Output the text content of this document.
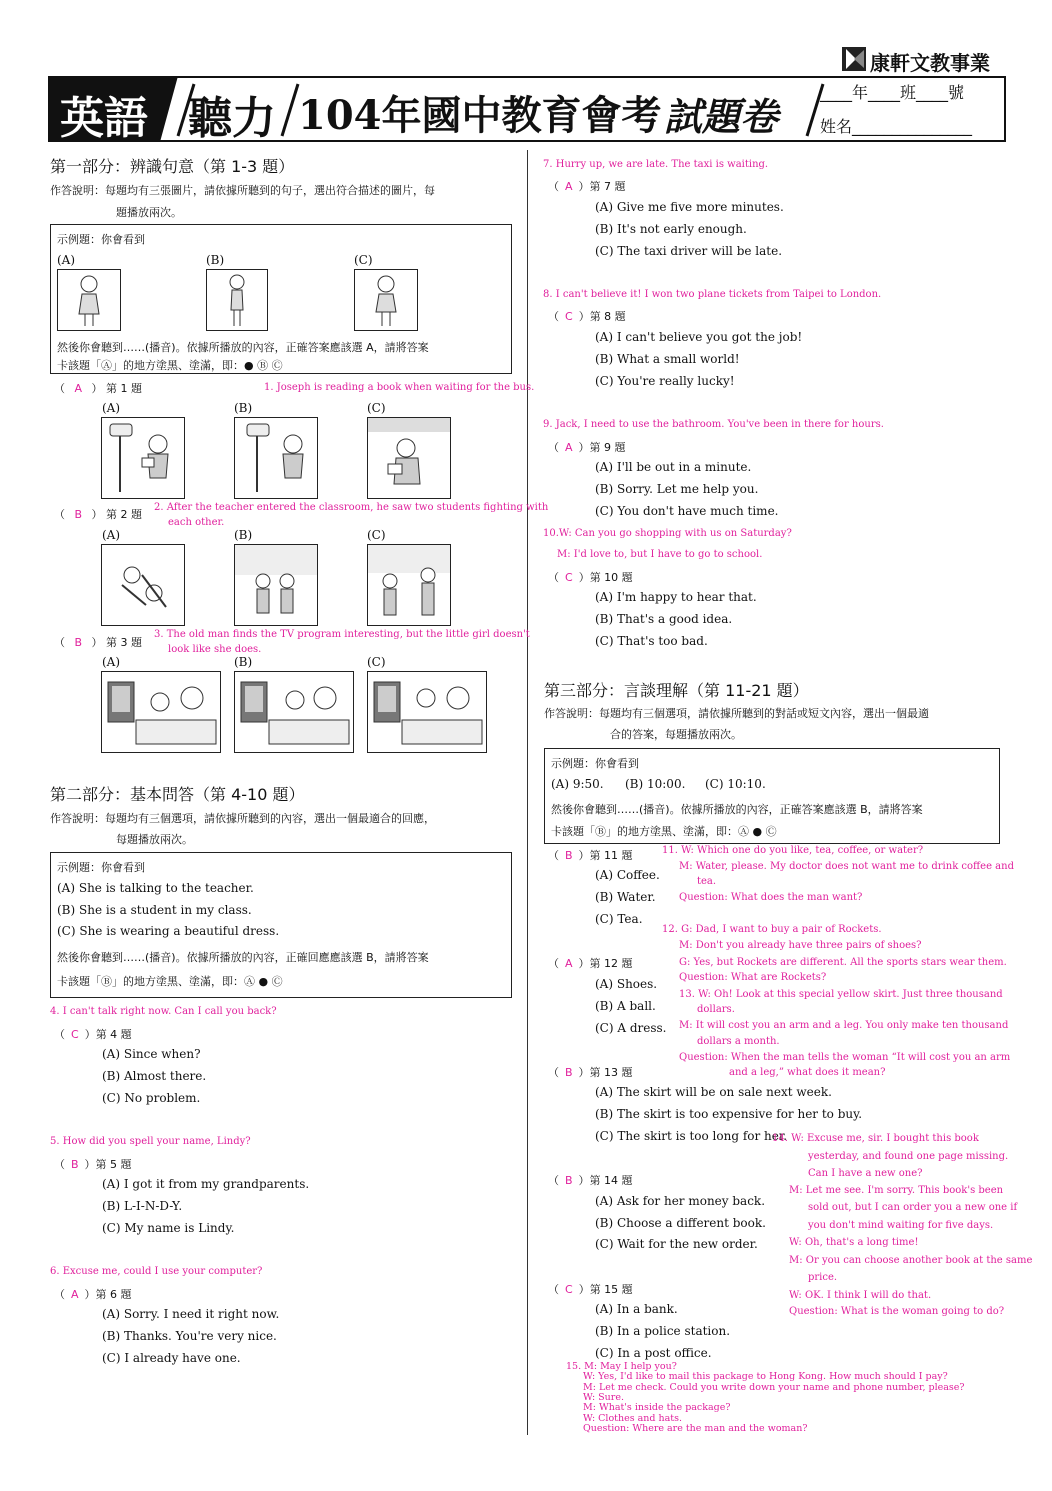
康軒文教事業
英語 聽力 104年國中教育會考 試題卷
____年____班____號
姓名_______________
第一部分：辨識句意（第 1-3 題）
作答說明：每題均有三張圖片，請依據所聽到的句子，選出符合描述的圖片，每
題播放兩次。
示例題：你會看到
(A)	(B)	(C)
然後你會聽到……(播音)。依據所播放的內容，正確答案應該選 A，請將答案
卡該題「Ⓐ」的地方塗黑、塗滿，即：● Ⓑ Ⓒ
（ A ） 第 1 題	1. Joseph is reading a book when waiting for the bus.
(A)	(B)	(C)
（ B ） 第 2 題
2. After the teacher entered the classroom, he saw two students fighting with
each other.
(A)	(B)	(C)
（ B ） 第 3 題
3. The old man finds the TV program interesting, but the little girl doesn't
look like she does.
(A)	(B)	(C)
第二部分：基本問答（第 4-10 題）
作答說明：每題均有三個選項，請依據所聽到的內容，選出一個最適合的回應，
每題播放兩次。
示例題：你會看到
(A) She is talking to the teacher.
(B) She is a student in my class.
(C) She is wearing a beautiful dress.
然後你會聽到……(播音)。依據所播放的內容，正確回應應該選 B，請將答案
卡該題「Ⓑ」的地方塗黑、塗滿，即：Ⓐ ● Ⓒ
4. I can't talk right now. Can I call you back?
（ C ）第 4 題
(A) Since when?
(B) Almost there.
(C) No problem.
5. How did you spell your name, Lindy?
（ B ）第 5 題
(A) I got it from my grandparents.
(B) L-I-N-D-Y.
(C) My name is Lindy.
6. Excuse me, could I use your computer?
（ A ）第 6 題
(A) Sorry. I need it right now.
(B) Thanks. You're very nice.
(C) I already have one.
7. Hurry up, we are late. The taxi is waiting.
（ A ）第 7 題
(A) Give me five more minutes.
(B) It's not early enough.
(C) The taxi driver will be late.
8. I can't believe it! I won two plane tickets from Taipei to London.
（ C ）第 8 題
(A) I can't believe you got the job!
(B) What a small world!
(C) You're really lucky!
9. Jack, I need to use the bathroom. You've been in there for hours.
（ A ）第 9 題
(A) I'll be out in a minute.
(B) Sorry. Let me help you.
(C) You don't have much time.
10.W: Can you go shopping with us on Saturday?
M: I'd love to, but I have to go to school.
（ C ）第 10 題
(A) I'm happy to hear that.
(B) That's a good idea.
(C) That's too bad.
第三部分：言談理解（第 11-21 題）
作答說明：每題均有三個選項，請依據所聽到的對話或短文內容，選出一個最適
合的答案，每題播放兩次。
示例題：你會看到
(A) 9:50. (B) 10:00. (C) 10:10.
然後你會聽到……(播音)。依據所播放的內容，正確答案應該選 B，請將答案
卡該題「Ⓑ」的地方塗黑、塗滿，即：Ⓐ ● Ⓒ
（ B ）第 11 題
(A) Coffee.
(B) Water.
(C) Tea.
11. W: Which one do you like, tea, coffee, or water?
M: Water, please. My doctor does not want me to drink coffee and
tea.
Question: What does the man want?
12. G: Dad, I want to buy a pair of Rockets.
M: Don't you already have three pairs of shoes?
G: Yes, but Rockets are different. All the sports stars wear them.
Question: What are Rockets?
（ A ）第 12 題
(A) Shoes.
(B) A ball.
(C) A dress.
13. W: Oh! Look at this special yellow skirt. Just three thousand
dollars.
M: It will cost you an arm and a leg. You only make ten thousand
dollars a month.
Question: When the man tells the woman “It will cost you an arm
and a leg,” what does it mean?
（ B ）第 13 題
(A) The skirt will be on sale next week.
(B) The skirt is too expensive for her to buy.
(C) The skirt is too long for her.
14. W: Excuse me, sir. I bought this book
yesterday, and found one page missing.
Can I have a new one?
M: Let me see. I'm sorry. This book's been
sold out, but I can order you a new one if
you don't mind waiting for five days.
W: Oh, that's a long time!
M: Or you can choose another book at the same
price.
W: OK. I think I will do that.
Question: What is the woman going to do?
（ B ）第 14 題
(A) Ask for her money back.
(B) Choose a different book.
(C) Wait for the new order.
（ C ）第 15 題
(A) In a bank.
(B) In a police station.
(C) In a post office.
15. M: May I help you?
W: Yes, I'd like to mail this package to Hong Kong. How much should I pay?
M: Let me check. Could you write down your name and phone number, please?
W: Sure.
M: What's inside the package?
W: Clothes and hats.
Question: Where are the man and the woman?
